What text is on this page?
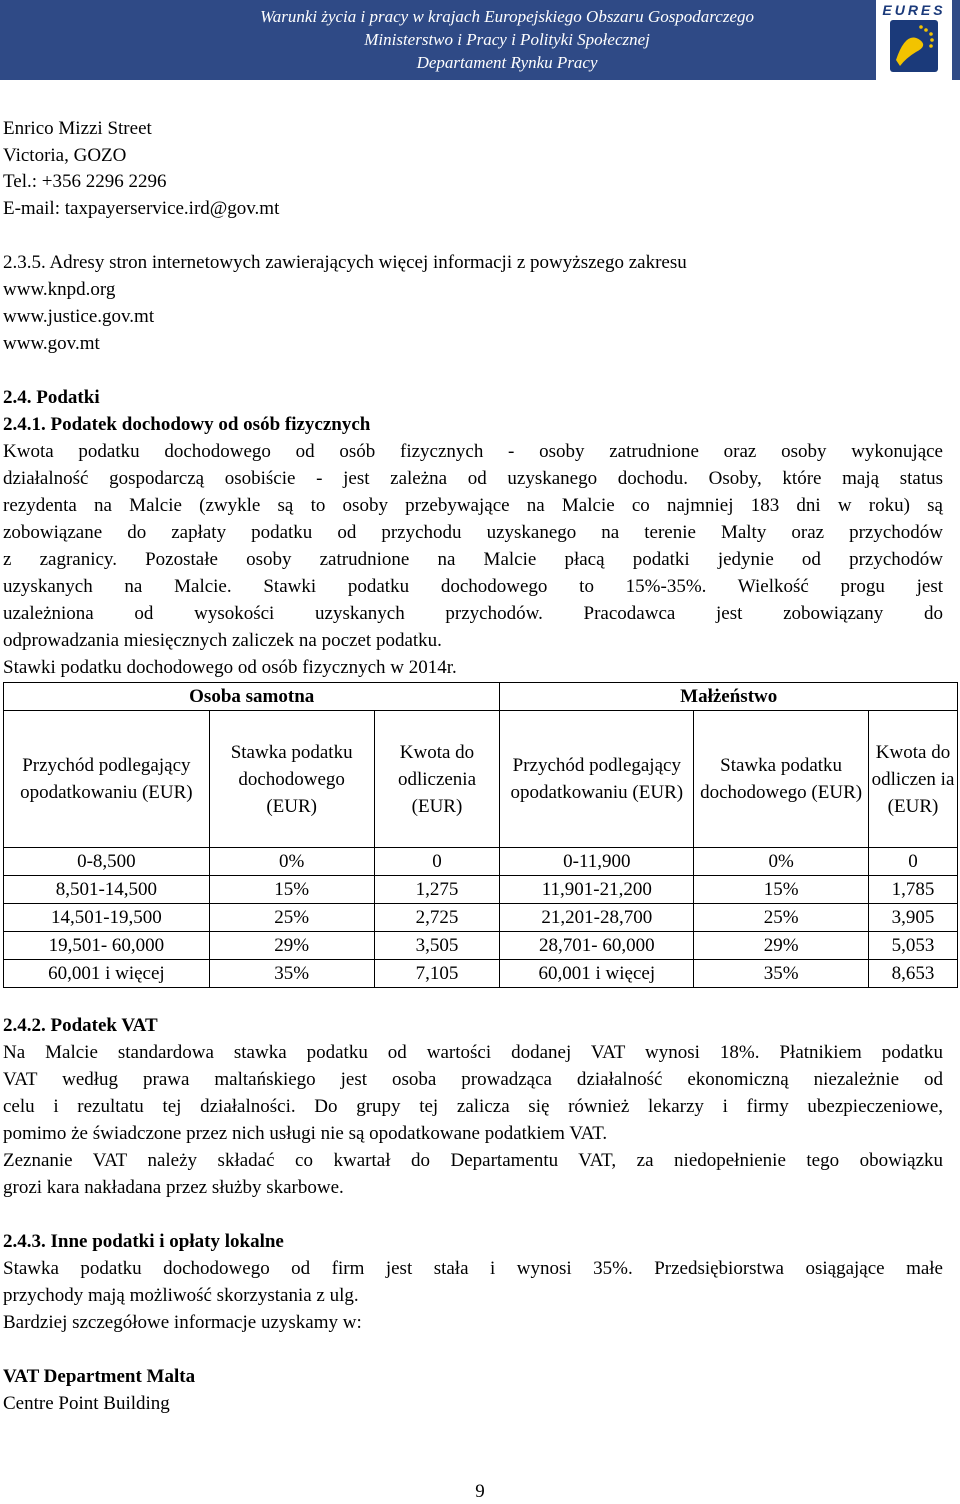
Warunki życia i pracy w krajach Europejskiego Obszaru Gospodarczego
Ministerstwo i Pracy i Polityki Społecznej
Departament Rynku Pracy
EURES
Enrico Mizzi Street
Victoria, GOZO
Tel.: +356 2296 2296
E-mail: taxpayerservice.ird@gov.mt
2.3.5. Adresy stron internetowych zawierających więcej informacji z powyższego zakresu
www.knpd.org
www.justice.gov.mt
www.gov.mt
2.4. Podatki
2.4.1. Podatek dochodowy od osób fizycznych
Kwota podatku dochodowego od osób fizycznych - osoby zatrudnione oraz osoby wykonujące
działalność gospodarczą osobiście - jest zależna od uzyskanego dochodu. Osoby, które mają status
rezydenta na Malcie (zwykle są to osoby przebywające na Malcie co najmniej 183 dni w roku) są
zobowiązane do zapłaty podatku od przychodu uzyskanego na terenie Malty oraz przychodów
z zagranicy. Pozostałe osoby zatrudnione na Malcie płacą podatki jedynie od przychodów
uzyskanych na Malcie. Stawki podatku dochodowego to 15%-35%. Wielkość progu jest
uzależniona od wysokości uzyskanych przychodów. Pracodawca jest zobowiązany do
odprowadzania miesięcznych zaliczek na poczet podatku.
Stawki podatku dochodowego od osób fizycznych w 2014r.
Osoba samotna			Małżeństwo		
Przychód podlegający opodatkowaniu (EUR)	Stawka podatku dochodowego (EUR)	Kwota do odliczenia (EUR)	Przychód podlegający opodatkowaniu (EUR)	Stawka podatku dochodowego (EUR)	Kwota do odliczen ia (EUR)
0-8,500	0%	0	0-11,900	0%	0
8,501-14,500	15%	1,275	11,901-21,200	15%	1,785
14,501-19,500	25%	2,725	21,201-28,700	25%	3,905
19,501- 60,000	29%	3,505	28,701- 60,000	29%	5,053
60,001 i więcej	35%	7,105	60,001 i więcej	35%	8,653
2.4.2. Podatek VAT
Na Malcie standardowa stawka podatku od wartości dodanej VAT wynosi 18%. Płatnikiem podatku
VAT według prawa maltańskiego jest osoba prowadząca działalność ekonomiczną niezależnie od
celu i rezultatu tej działalności. Do grupy tej zalicza się również lekarzy i firmy ubezpieczeniowe,
pomimo że świadczone przez nich usługi nie są opodatkowane podatkiem VAT.
Zeznanie VAT należy składać co kwartał do Departamentu VAT, za niedopełnienie tego obowiązku
grozi kara nakładana przez służby skarbowe.
2.4.3. Inne podatki i opłaty lokalne
Stawka podatku dochodowego od firm jest stała i wynosi 35%. Przedsiębiorstwa osiągające małe
przychody mają możliwość skorzystania z ulg.
Bardziej szczegółowe informacje uzyskamy w:
VAT Department Malta
Centre Point Building
9
